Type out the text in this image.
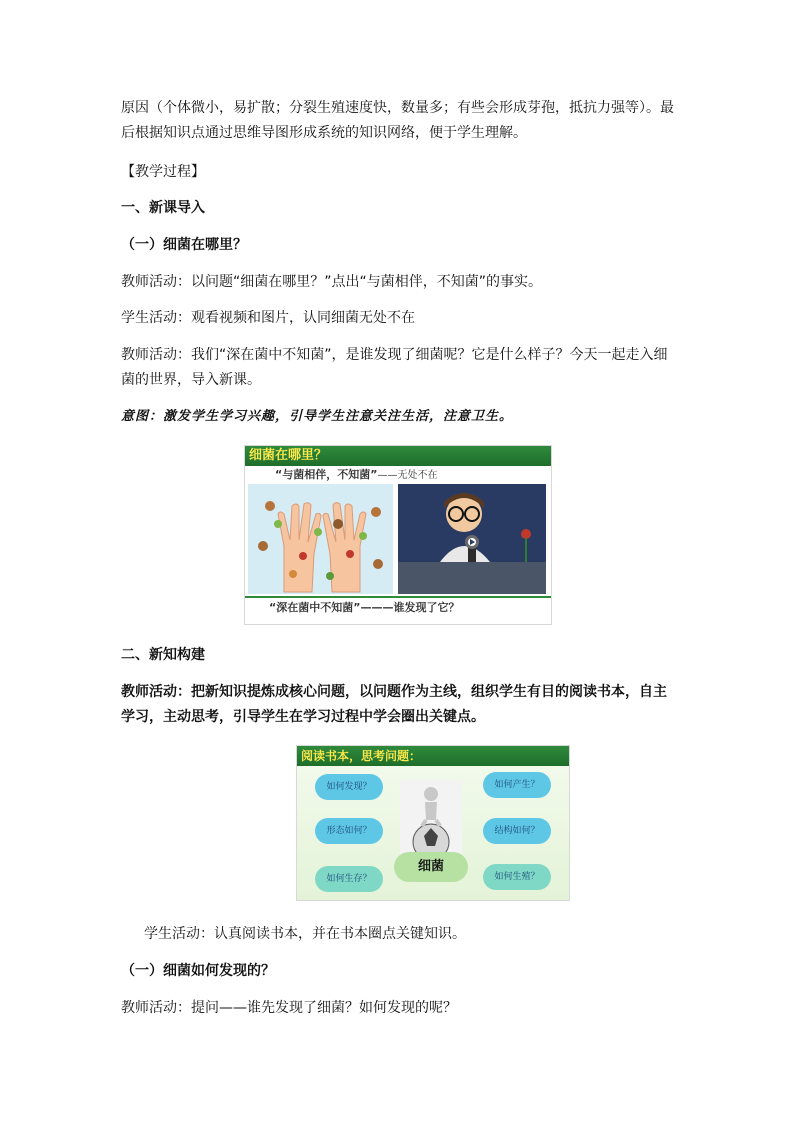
原因（个体微小，易扩散；分裂生殖速度快，数量多；有些会形成芽孢，抵抗力强等）。最
后根据知识点通过思维导图形成系统的知识网络，便于学生理解。
【教学过程】
一、新课导入
（一）细菌在哪里？
教师活动：以问题“细菌在哪里？”点出“与菌相伴，不知菌”的事实。
学生活动：观看视频和图片，认同细菌无处不在
教师活动：我们“深在菌中不知菌”，是谁发现了细菌呢？它是什么样子？今天一起走入细
菌的世界，导入新课。
意图：激发学生学习兴趣，引导学生注意关注生活，注意卫生。
细菌在哪里？
“与菌相伴，不知菌”——无处不在
“深在菌中不知菌”———谁发现了它？
二、新知构建
教师活动：把新知识提炼成核心问题，以问题作为主线，组织学生有目的阅读书本，自主
学习，主动思考，引导学生在学习过程中学会圈出关键点。
阅读书本，思考问题：
如何发现？	如何产生？
形态如何？	结构如何？
如何生存？	如何生殖？
细菌
学生活动：认真阅读书本，并在书本圈点关键知识。
（一）细菌如何发现的？
教师活动：提问——谁先发现了细菌？如何发现的呢？
